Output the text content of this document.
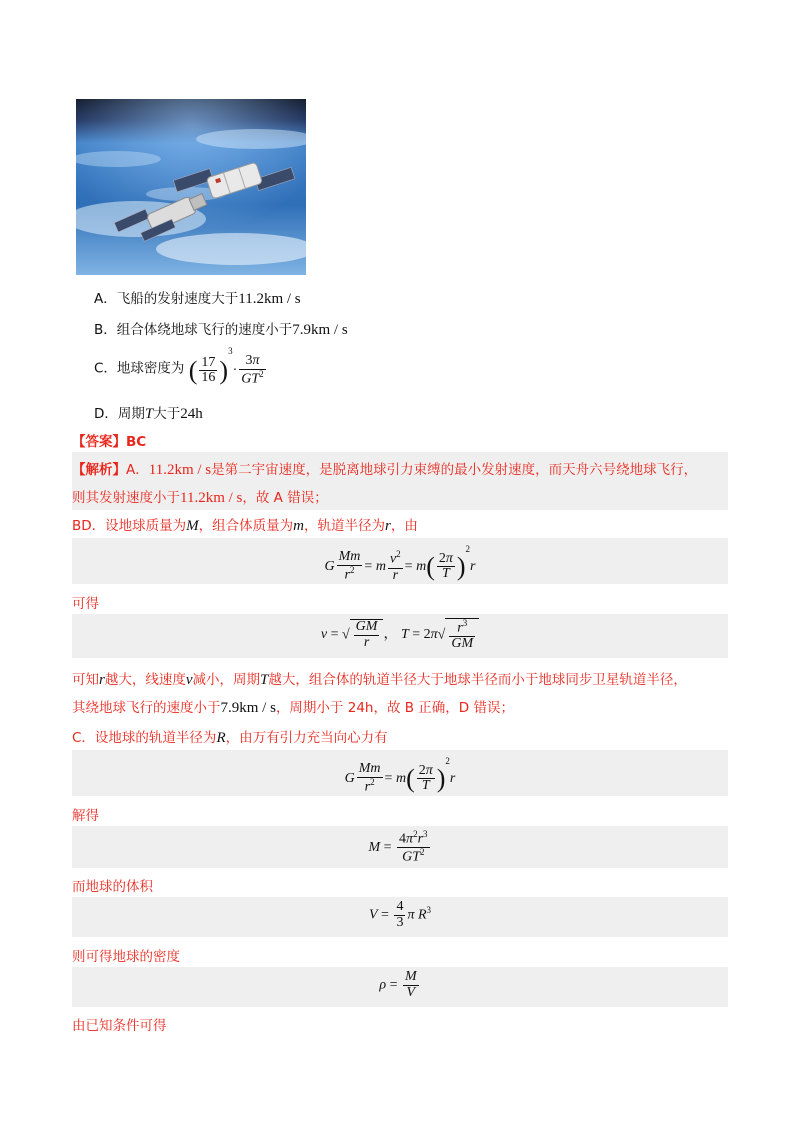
A．飞船的发射速度大于11.2km / s
B．组合体绕地球飞行的速度小于7.9km / s
C．地球密度为 ( $\frac{17}{16} )^3\cdot \frac{3\pi}{GT^2}$
D．周期T大于24h
【答案】BC
【解析】A．11.2km / s是第二宇宙速度，是脱离地球引力束缚的最小发射速度，而天舟六号绕地球飞行，
则其发射速度小于11.2km / s，故 A 错误；
BD．设地球质量为M，组合体质量为m，轨道半径为r，由
G $\frac{Mm}{r^2} = m \frac{v^2}{r} = m( \frac{2\pi}{T} )^2r$
可得
v = √ $\frac{GM}{r}$ ， $T = 2\pi√ \frac{r^3}{GM}$
可知r越大，线速度v减小，周期T越大，组合体的轨道半径大于地球半径而小于地球同步卫星轨道半径，
其绕地球飞行的速度小于7.9km / s，周期小于 24h，故 B 正确，D 错误；
C．设地球的轨道半径为R，由万有引力充当向心力有
G $\frac{Mm}{r^2} = m( \frac{2\pi}{T} )^2r$
解得
$M = \frac{4\pi^2r^3}{GT^2}$
而地球的体积
$V = \frac{4}{3}$ π $R^3$
则可得地球的密度
$\rho = \frac{M}{V}$
由已知条件可得
